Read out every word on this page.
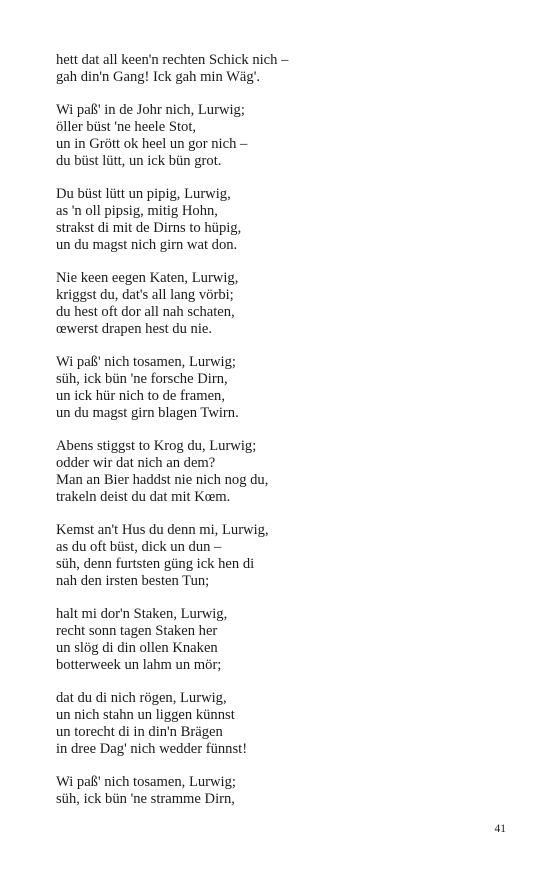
hett dat all keen'n rechten Schick nich –
gah din'n Gang! Ick gah min Wäg'.
Wi paß' in de Johr nich, Lurwig;
öller büst 'ne heele Stot,
un in Grött ok heel un gor nich –
du büst lütt, un ick bün grot.
Du büst lütt un pipig, Lurwig,
as 'n oll pipsig, mitig Hohn,
strakst di mit de Dirns to hüpig,
un du magst nich girn wat don.
Nie keen eegen Katen, Lurwig,
kriggst du, dat's all lang vörbi;
du hest oft dor all nah schaten,
œwerst drapen hest du nie.
Wi paß' nich tosamen, Lurwig;
süh, ick bün 'ne forsche Dirn,
un ick hür nich to de framen,
un du magst girn blagen Twirn.
Abens stiggst to Krog du, Lurwig;
odder wir dat nich an dem?
Man an Bier haddst nie nich nog du,
trakeln deist du dat mit Kœm.
Kemst an't Hus du denn mi, Lurwig,
as du oft büst, dick un dun –
süh, denn furtsten güng ick hen di
nah den irsten besten Tun;
halt mi dor'n Staken, Lurwig,
recht sonn tagen Staken her
un slög di din ollen Knaken
botterweek un lahm un mör;
dat du di nich rögen, Lurwig,
un nich stahn un liggen künnst
un torecht di in din'n Brägen
in dree Dag' nich wedder fünnst!
Wi paß' nich tosamen, Lurwig;
süh, ick bün 'ne stramme Dirn,
41
